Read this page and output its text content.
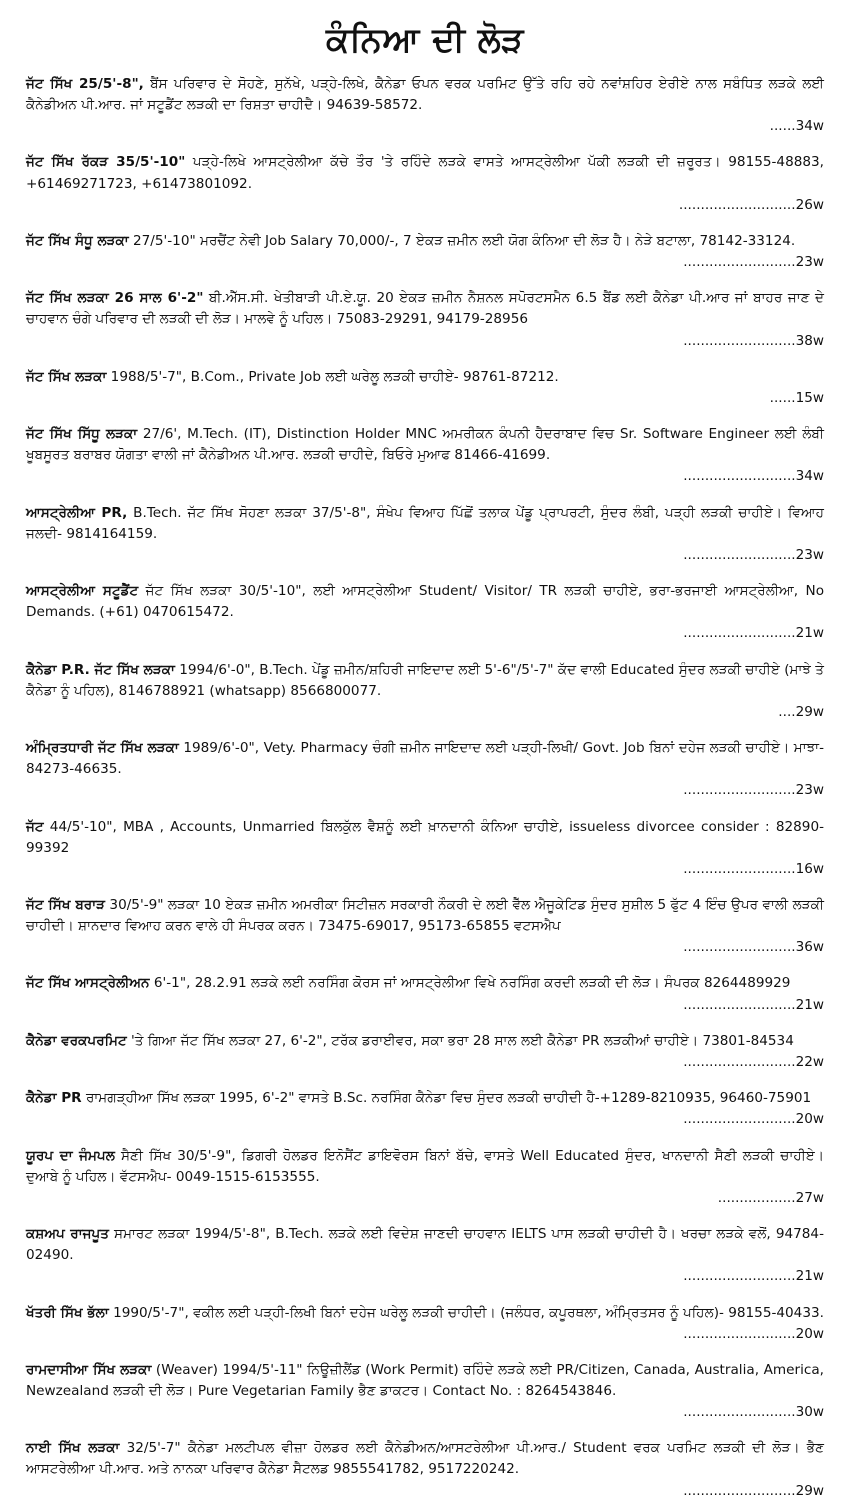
ਕੰਨਿਆ ਦੀ ਲੋੜ

ਜੱਟ ਸਿੱਖ 25/5'-8", ਬੈਂਸ ਪਰਿਵਾਰ ਦੇ ਸੋਹਣੇ, ਸੁਨੱਖੇ, ਪੜ੍ਹੇ-ਲਿਖੇ, ਕੈਨੇਡਾ ਓਪਨ ਵਰਕ ਪਰਮਿਟ ਉੱਤੇ ਰਹਿ ਰਹੇ ਨਵਾਂਸ਼ਹਿਰ ਏਰੀਏ ਨਾਲ ਸਬੰਧਿਤ ਲੜਕੇ ਲਈ ਕੈਨੇਡੀਅਨ ਪੀ.ਆਰ. ਜਾਂ ਸਟੂਡੈਂਟ ਲੜਕੀ ਦਾ ਰਿਸ਼ਤਾ ਚਾਹੀਦੈ। 94639-58572.
......34w

ਜੱਟ ਸਿੱਖ ਰੱਕੜ 35/5'-10" ਪੜ੍ਹੇ-ਲਿਖੇ ਆਸਟ੍ਰੇਲੀਆ ਕੱਚੇ ਤੌਰ 'ਤੇ ਰਹਿੰਦੇ ਲੜਕੇ ਵਾਸਤੇ ਆਸਟ੍ਰੇਲੀਆ ਪੱਕੀ ਲੜਕੀ ਦੀ ਜ਼ਰੂਰਤ। 98155-48883, +61469271723, +61473801092.
...........................26w

ਜੱਟ ਸਿੱਖ ਸੰਧੂ ਲੜਕਾ 27/5'-10" ਮਰਚੈਂਟ ਨੇਵੀ Job Salary 70,000/-, 7 ਏਕੜ ਜ਼ਮੀਨ ਲਈ ਯੋਗ ਕੰਨਿਆ ਦੀ ਲੋੜ ਹੈ। ਨੇੜੇ ਬਟਾਲਾ, 78142-33124.
..........................23w

ਜੱਟ ਸਿੱਖ ਲੜਕਾ 26 ਸਾਲ 6'-2" ਬੀ.ਐੱਸ.ਸੀ. ਖੇਤੀਬਾੜੀ ਪੀ.ਏ.ਯੂ. 20 ਏਕੜ ਜ਼ਮੀਨ ਨੈਸ਼ਨਲ ਸਪੋਰਟਸਮੈਨ 6.5 ਬੈਂਡ ਲਈ ਕੈਨੇਡਾ ਪੀ.ਆਰ ਜਾਂ ਬਾਹਰ ਜਾਣ ਦੇ ਚਾਹਵਾਨ ਚੰਗੇ ਪਰਿਵਾਰ ਦੀ ਲੜਕੀ ਦੀ ਲੋੜ। ਮਾਲਵੇ ਨੂੰ ਪਹਿਲ। 75083-29291, 94179-28956
..........................38w

ਜੱਟ ਸਿੱਖ ਲੜਕਾ 1988/5'-7", B.Com., Private Job ਲਈ ਘਰੇਲੂ ਲੜਕੀ ਚਾਹੀਏ- 98761-87212.
......15w

ਜੱਟ ਸਿੱਖ ਸਿੱਧੂ ਲੜਕਾ 27/6', M.Tech. (IT), Distinction Holder MNC ਅਮਰੀਕਨ ਕੰਪਨੀ ਹੈਦਰਾਬਾਦ ਵਿਚ Sr. Software Engineer ਲਈ ਲੰਬੀ ਖੂਬਸੂਰਤ ਬਰਾਬਰ ਯੋਗਤਾ ਵਾਲੀ ਜਾਂ ਕੈਨੇਡੀਅਨ ਪੀ.ਆਰ. ਲੜਕੀ ਚਾਹੀਦੇ, ਬਿਓਰੇ ਮੁਆਫ 81466-41699.
..........................34w

ਆਸਟ੍ਰੇਲੀਆ PR, B.Tech. ਜੱਟ ਸਿੱਖ ਸੋਹਣਾ ਲੜਕਾ 37/5'-8", ਸੰਖੇਪ ਵਿਆਹ ਪਿੱਛੋਂ ਤਲਾਕ ਪੇਂਡੂ ਪ੍ਰਾਪਰਟੀ, ਸੁੰਦਰ ਲੰਬੀ, ਪੜ੍ਹੀ ਲੜਕੀ ਚਾਹੀਏ। ਵਿਆਹ ਜਲਦੀ- 9814164159.
..........................23w

ਆਸਟ੍ਰੇਲੀਆ ਸਟੂਡੈਂਟ ਜੱਟ ਸਿੱਖ ਲੜਕਾ 30/5'-10", ਲਈ ਆਸਟ੍ਰੇਲੀਆ Student/ Visitor/ TR ਲੜਕੀ ਚਾਹੀਏ, ਭਰਾ-ਭਰਜਾਈ ਆਸਟ੍ਰੇਲੀਆ, No Demands. (+61) 0470615472.
..........................21w

ਕੈਨੇਡਾ P.R. ਜੱਟ ਸਿੱਖ ਲੜਕਾ 1994/6'-0", B.Tech. ਪੇਂਡੂ ਜ਼ਮੀਨ/ਸ਼ਹਿਰੀ ਜਾਇਦਾਦ ਲਈ 5'-6"/5'-7" ਕੱਦ ਵਾਲੀ Educated ਸੁੰਦਰ ਲੜਕੀ ਚਾਹੀਏ (ਮਾਝੇ ਤੇ ਕੈਨੇਡਾ ਨੂੰ ਪਹਿਲ), 8146788921 (whatsapp) 8566800077.
....29w

ਅੰਮ੍ਰਿਤਧਾਰੀ ਜੱਟ ਸਿੱਖ ਲੜਕਾ 1989/6'-0", Vety. Pharmacy ਚੰਗੀ ਜ਼ਮੀਨ ਜਾਇਦਾਦ ਲਈ ਪੜ੍ਹੀ-ਲਿਖੀ/ Govt. Job ਬਿਨਾਂ ਦਹੇਜ ਲੜਕੀ ਚਾਹੀਏ। ਮਾਝਾ- 84273-46635.
..........................23w

ਜੱਟ 44/5'-10", MBA , Accounts, Unmarried ਬਿਲਕੁੱਲ ਵੈਸ਼ਨੂੰ ਲਈ ਖ਼ਾਨਦਾਨੀ ਕੰਨਿਆ ਚਾਹੀਏ, issueless divorcee consider : 82890-99392
..........................16w

ਜੱਟ ਸਿੱਖ ਬਰਾੜ 30/5'-9" ਲੜਕਾ 10 ਏਕੜ ਜ਼ਮੀਨ ਅਮਰੀਕਾ ਸਿਟੀਜ਼ਨ ਸਰਕਾਰੀ ਨੌਕਰੀ ਦੇ ਲਈ ਵੈੱਲ ਐਜੂਕੇਟਿਡ ਸੁੰਦਰ ਸੁਸ਼ੀਲ 5 ਫੁੱਟ 4 ਇੰਚ ਉਪਰ ਵਾਲੀ ਲੜਕੀ ਚਾਹੀਦੀ। ਸ਼ਾਨਦਾਰ ਵਿਆਹ ਕਰਨ ਵਾਲੇ ਹੀ ਸੰਪਰਕ ਕਰਨ। 73475-69017, 95173-65855 ਵਟਸਐਪ
..........................36w

ਜੱਟ ਸਿੱਖ ਆਸਟ੍ਰੇਲੀਅਨ 6'-1", 28.2.91 ਲੜਕੇ ਲਈ ਨਰਸਿੰਗ ਕੋਰਸ ਜਾਂ ਆਸਟ੍ਰੇਲੀਆ ਵਿਖੇ ਨਰਸਿੰਗ ਕਰਦੀ ਲੜਕੀ ਦੀ ਲੋੜ। ਸੰਪਰਕ 8264489929
..........................21w

ਕੈਨੇਡਾ ਵਰਕਪਰਮਿਟ 'ਤੇ ਗਿਆ ਜੱਟ ਸਿੱਖ ਲੜਕਾ 27, 6'-2", ਟਰੱਕ ਡਰਾਈਵਰ, ਸਕਾ ਭਰਾ 28 ਸਾਲ ਲਈ ਕੈਨੇਡਾ PR ਲੜਕੀਆਂ ਚਾਹੀਏ। 73801-84534
..........................22w

ਕੈਨੇਡਾ PR ਰਾਮਗੜ੍ਹੀਆ ਸਿੱਖ ਲੜਕਾ 1995, 6'-2" ਵਾਸਤੇ B.Sc. ਨਰਸਿੰਗ ਕੈਨੇਡਾ ਵਿਚ ਸੁੰਦਰ ਲੜਕੀ ਚਾਹੀਦੀ ਹੈ-+1289-8210935, 96460-75901
..........................20w

ਯੂਰਪ ਦਾ ਜੰਮਪਲ ਸੈਣੀ ਸਿੱਖ 30/5'-9", ਡਿਗਰੀ ਹੋਲਡਰ ਇਨੋਸੈਂਟ ਡਾਇਵੋਰਸ ਬਿਨਾਂ ਬੱਚੇ, ਵਾਸਤੇ Well Educated ਸੁੰਦਰ, ਖਾਨਦਾਨੀ ਸੈਣੀ ਲੜਕੀ ਚਾਹੀਏ। ਦੁਆਬੇ ਨੂੰ ਪਹਿਲ। ਵੱਟਸਐਪ- 0049-1515-6153555.
..................27w

ਕਸ਼ਅਪ ਰਾਜਪੂਤ ਸਮਾਰਟ ਲੜਕਾ 1994/5'-8", B.Tech. ਲੜਕੇ ਲਈ ਵਿਦੇਸ਼ ਜਾਣਦੀ ਚਾਹਵਾਨ IELTS ਪਾਸ ਲੜਕੀ ਚਾਹੀਦੀ ਹੈ। ਖਰਚਾ ਲੜਕੇ ਵਲੋਂ, 94784-02490.
..........................21w

ਖੱਤਰੀ ਸਿੱਖ ਭੱਲਾ 1990/5'-7", ਵਕੀਲ ਲਈ ਪੜ੍ਹੀ-ਲਿਖੀ ਬਿਨਾਂ ਦਹੇਜ ਘਰੇਲੂ ਲੜਕੀ ਚਾਹੀਦੀ। (ਜਲੰਧਰ, ਕਪੂਰਥਲਾ, ਅੰਮ੍ਰਿਤਸਰ ਨੂੰ ਪਹਿਲ)- 98155-40433.
..........................20w

ਰਾਮਦਾਸੀਆ ਸਿੱਖ ਲੜਕਾ (Weaver) 1994/5'-11" ਨਿਊਜ਼ੀਲੈਂਡ (Work Permit) ਰਹਿੰਦੇ ਲੜਕੇ ਲਈ PR/Citizen, Canada, Australia, America, Newzealand ਲੜਕੀ ਦੀ ਲੋੜ। Pure Vegetarian Family ਭੈਣ ਡਾਕਟਰ। Contact No. : 8264543846.
..........................30w

ਨਾਈ ਸਿੱਖ ਲੜਕਾ 32/5'-7" ਕੈਨੇਡਾ ਮਲਟੀਪਲ ਵੀਜ਼ਾ ਹੋਲਡਰ ਲਈ ਕੈਨੇਡੀਅਨ/ਆਸਟਰੇਲੀਆ ਪੀ.ਆਰ./ Student ਵਰਕ ਪਰਮਿਟ ਲੜਕੀ ਦੀ ਲੋੜ। ਭੈਣ ਆਸਟਰੇਲੀਆ ਪੀ.ਆਰ. ਅਤੇ ਨਾਨਕਾ ਪਰਿਵਾਰ ਕੈਨੇਡਾ ਸੈਟਲਡ 9855541782, 9517220242.
..........................29w
